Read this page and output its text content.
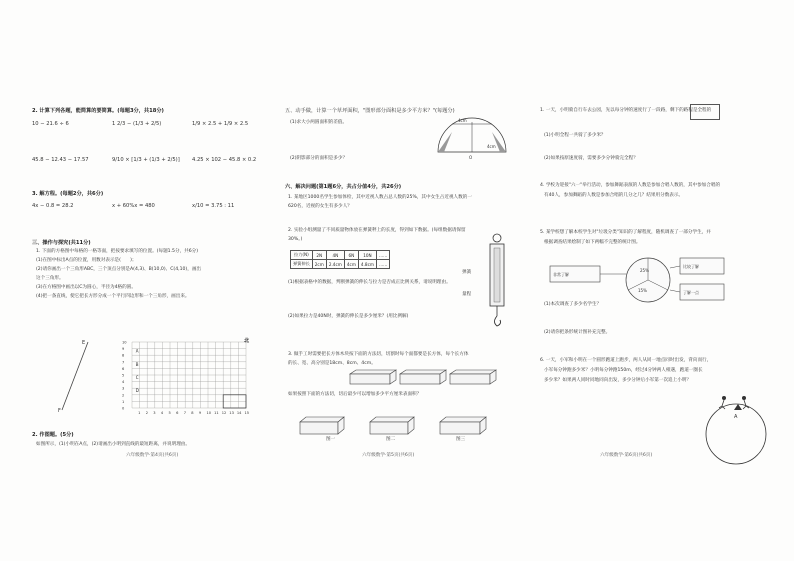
2. 计算下列各题，能简算的要简算。(每题3分，共18分)
10 − 21.6 ÷ 6	1 2/3 − (1/3 + 2/5)	1/9 × 2.5 + 1/9 × 2.5
45.8 − 12.43 − 17.57	9/10 × [1/3 + (1/3 + 2/5)] 4.25 × 102 − 45.8 × 0.2
3. 解方程。(每题2分，共6分)
4x − 0.8 = 28.2	x + 60%x = 480	x/10 = 3.75 : 11
三、操作与探究(共11分)
1. 下面的方格图中每格的一格等面，把按要求填写的位置。(每题1.5分，共6分)
(1)在图中标出A点的位置，用数对表示是(　　)；
(2)请你画出一个三角形ABC，三个顶点分别是A(4,3)、B(10,0)、C(4,10)，画出
这个三角形。
(3)在方格图中画出以C为圆心，半径为4格的圆。
(4)把一条直线，使它把长方形分成一个平行四边形和一个三角形，画出来。
E
F	1 2 3 4 5 6 7 8 9 10 11 12 13 14 15
10
9
8
7
6
5
4
3
2
1
0
A
B
C
D
北
2. 作图题。(5分)
如图所示，(1)小明在A点，(2)请画出小明到直线的最短距离，并说明理由。
六年级数学·第4页(共6页)
五、动手做，计算一个草坪面积，"图形部分面积是多少平方米？"(每题分)
(1)求大小两圆面积的差值。
(2)阴影部分的面积是多少？
4cm
O
4cm
六、解决问题(第1题6分，共占分值4分，共26分)
1. 某地区1000名学生参加体检，其中近视人数占总人数的25%，其中女生占近视人数的一
620名，近视的女生有多少人？
2. 实验小组测量了不同质量物体放在弹簧秤上的长度，得到如下数据。(每组数据请保留
30%。)
拉力(N)	2N	4N	6N	10N	……
弹簧伸长	2cm	2.4cm	4cm	4.8cm	……
(1)根据表格中的数据，判断弹簧的伸长与拉力是否成正比例关系，请说明理由。
(2)如果拉力是40N时，弹簧的伸长是多少厘米？(用比例解)
弹簧
量程
3. 做手工时需要把长方体木块按下面的方法切，切割时每个面都要是长方体，每个长方体
的长、宽、高分别是18cm、8cm、4cm。
如果按照下面的方法切，切后最少可以增加多少平方厘米表面积？
图一	图二	图三
六年级数学·第5页(共6页)
1. 一天，小明骑自行车去公园，先以每分钟的速度行了一段路，剩下的路程是全程的
(1)小明全程一共骑了多少米？
(2)如果按原速度骑，需要多少分钟骑完全程？
4. 学校为迎接"六一"举行活动，参加舞蹈表演的人数是参加合唱人数的，其中参加合唱的
有40人，参加舞蹈的人数是参加合唱的几分之几？结果用分数表示。
5. 某学校想了解本校学生对"垃圾分类"知识的了解程度，随机调查了一部分学生，并
根据调查结果绘制了如下两幅不完整的统计图。
非常了解
比较了解
了解一点
25%
15%
(1)本次调查了多少名学生？
(2)请你把条形统计图补充完整。
6. 一天，小军和小明在一个圆形跑道上跑步，两人从同一地点同时出发，背向而行，
小军每分钟跑多少米？小明每分钟跑150m，经过4分钟两人相遇，跑道一圈长
多少米？如果两人同时同地同向出发，多少分钟后小军第一次追上小明？
A
六年级数学·第6页(共6页)
